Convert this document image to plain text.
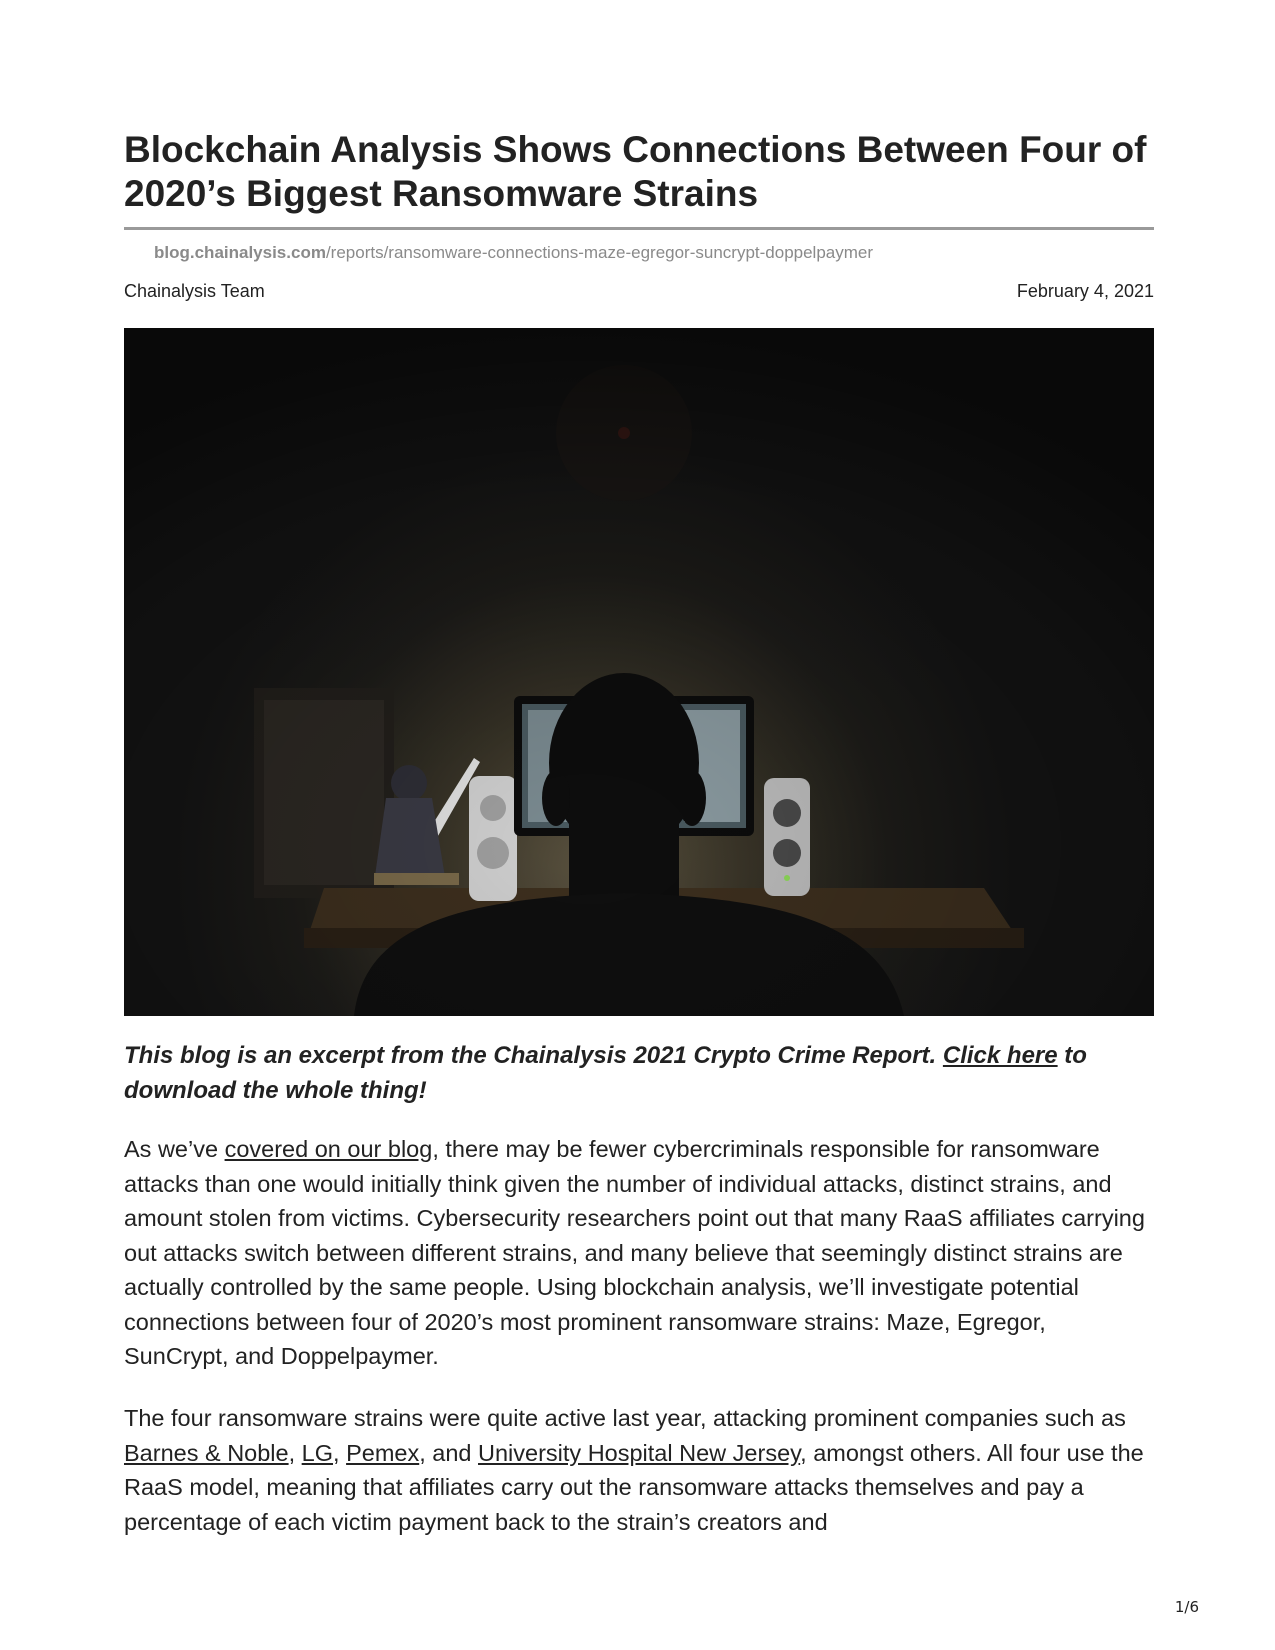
Blockchain Analysis Shows Connections Between Four of 2020’s Biggest Ransomware Strains
blog.chainalysis.com/reports/ransomware-connections-maze-egregor-suncrypt-doppelpaymer
Chainalysis Team	February 4, 2021

This blog is an excerpt from the Chainalysis 2021 Crypto Crime Report. Click here to download the whole thing!

As we’ve covered on our blog, there may be fewer cybercriminals responsible for ransomware attacks than one would initially think given the number of individual attacks, distinct strains, and amount stolen from victims. Cybersecurity researchers point out that many RaaS affiliates carrying out attacks switch between different strains, and many believe that seemingly distinct strains are actually controlled by the same people. Using blockchain analysis, we’ll investigate potential connections between four of 2020’s most prominent ransomware strains: Maze, Egregor, SunCrypt, and Doppelpaymer.

The four ransomware strains were quite active last year, attacking prominent companies such as Barnes & Noble, LG, Pemex, and University Hospital New Jersey, amongst others. All four use the RaaS model, meaning that affiliates carry out the ransomware attacks themselves and pay a percentage of each victim payment back to the strain’s creators and

1/6
